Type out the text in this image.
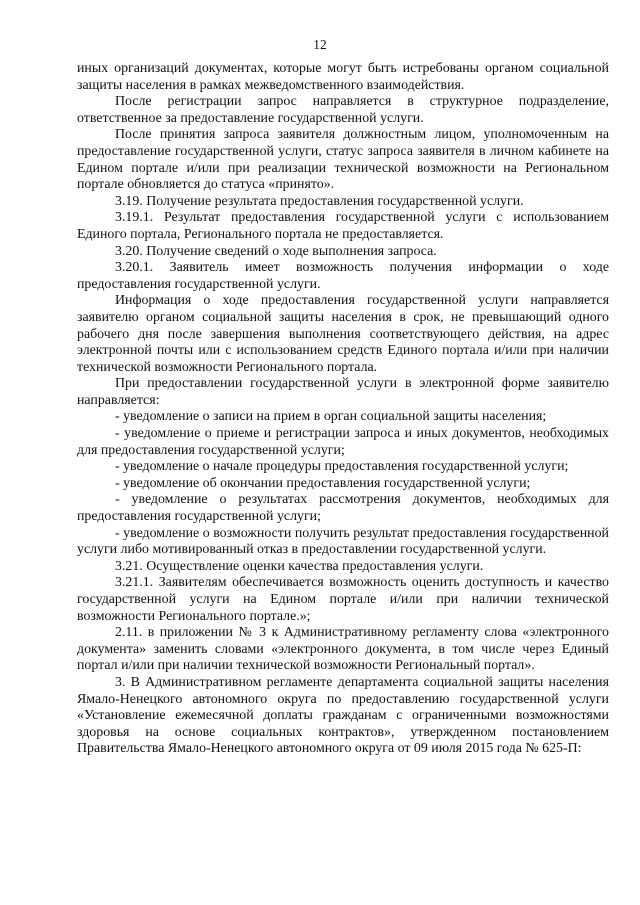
12

иных организаций документах, которые могут быть истребованы органом социальной защиты населения в рамках межведомственного взаимодействия.

После регистрации запрос направляется в структурное подразделение, ответственное за предоставление государственной услуги.

После принятия запроса заявителя должностным лицом, уполномоченным на предоставление государственной услуги, статус запроса заявителя в личном кабинете на Едином портале и/или при реализации технической возможности на Региональном портале обновляется до статуса «принято».

3.19. Получение результата предоставления государственной услуги.

3.19.1. Результат предоставления государственной услуги с использованием Единого портала, Регионального портала не предоставляется.

3.20. Получение сведений о ходе выполнения запроса.

3.20.1. Заявитель имеет возможность получения информации о ходе предоставления государственной услуги.

Информация о ходе предоставления государственной услуги направляется заявителю органом социальной защиты населения в срок, не превышающий одного рабочего дня после завершения выполнения соответствующего действия, на адрес электронной почты или с использованием средств Единого портала и/или при наличии технической возможности Регионального портала.

При предоставлении государственной услуги в электронной форме заявителю направляется:

- уведомление о записи на прием в орган социальной защиты населения;

- уведомление о приеме и регистрации запроса и иных документов, необходимых для предоставления государственной услуги;

- уведомление о начале процедуры предоставления государственной услуги;

- уведомление об окончании предоставления государственной услуги;

- уведомление о результатах рассмотрения документов, необходимых для предоставления государственной услуги;

- уведомление о возможности получить результат предоставления государственной услуги либо мотивированный отказ в предоставлении государственной услуги.

3.21. Осуществление оценки качества предоставления услуги.

3.21.1. Заявителям обеспечивается возможность оценить доступность и качество государственной услуги на Едином портале и/или при наличии технической возможности Регионального портале.»;

2.11. в приложении № 3 к Административному регламенту слова «электронного документа» заменить словами «электронного документа, в том числе через Единый портал и/или при наличии технической возможности Региональный портал».

3. В Административном регламенте департамента социальной защиты населения Ямало-Ненецкого автономного округа по предоставлению государственной услуги «Установление ежемесячной доплаты гражданам с ограниченными возможностями здоровья на основе социальных контрактов», утвержденном постановлением Правительства Ямало-Ненецкого автономного округа от 09 июля 2015 года № 625-П:
